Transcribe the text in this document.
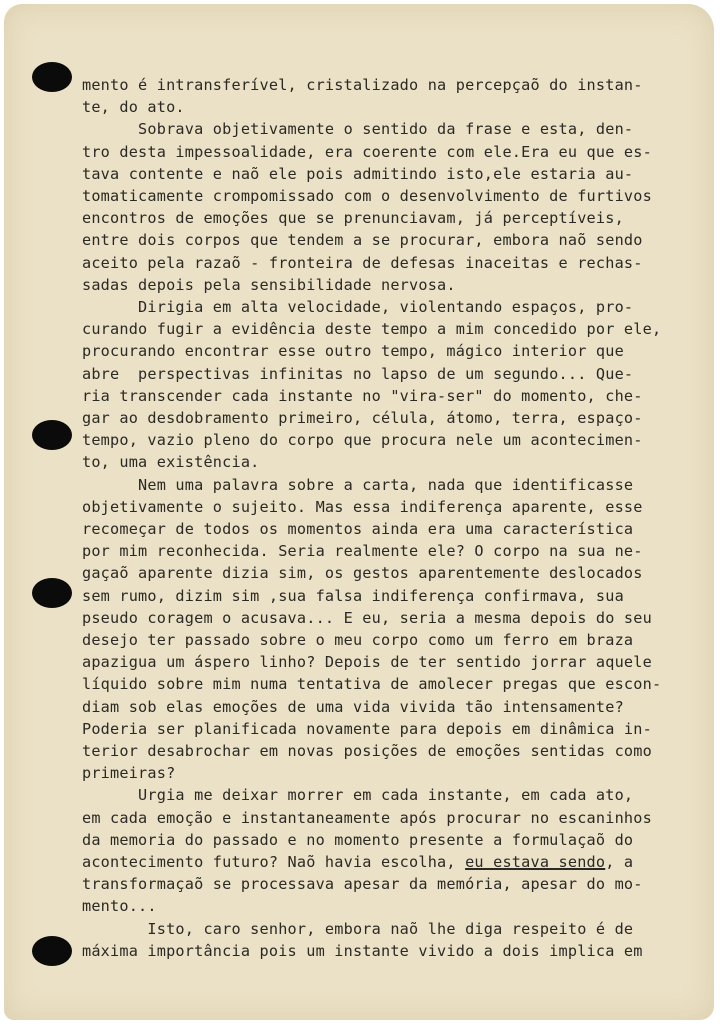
mento é intransferível, cristalizado na percepçaõ do instan-
te, do ato.
Sobrava objetivamente o sentido da frase e esta, den-
tro desta impessoalidade, era coerente com ele.Era eu que es-
tava contente e naõ ele pois admitindo isto,ele estaria au-
tomaticamente crompomissado com o desenvolvimento de furtivos
encontros de emoções que se prenunciavam, já perceptíveis,
entre dois corpos que tendem a se procurar, embora naõ sendo
aceito pela razaõ - fronteira de defesas inaceitas e rechas-
sadas depois pela sensibilidade nervosa.
Dirigia em alta velocidade, violentando espaços, pro-
curando fugir a evidência deste tempo a mim concedido por ele,
procurando encontrar esse outro tempo, mágico interior que
abre  perspectivas infinitas no lapso de um segundo... Que-
ria transcender cada instante no "vira-ser" do momento, che-
gar ao desdobramento primeiro, célula, átomo, terra, espaço-
tempo, vazio pleno do corpo que procura nele um acontecimen-
to, uma existência.
Nem uma palavra sobre a carta, nada que identificasse
objetivamente o sujeito. Mas essa indiferença aparente, esse
recomeçar de todos os momentos ainda era uma característica
por mim reconhecida. Seria realmente ele? O corpo na sua ne-
gaçaõ aparente dizia sim, os gestos aparentemente deslocados
sem rumo, dizim sim ,sua falsa indiferença confirmava, sua
pseudo coragem o acusava... E eu, seria a mesma depois do seu
desejo ter passado sobre o meu corpo como um ferro em braza
apazigua um áspero linho? Depois de ter sentido jorrar aquele
líquido sobre mim numa tentativa de amolecer pregas que escon-
diam sob elas emoções de uma vida vivida tão intensamente?
Poderia ser planificada novamente para depois em dinâmica in-
terior desabrochar em novas posições de emoções sentidas como
primeiras?
Urgia me deixar morrer em cada instante, em cada ato,
em cada emoção e instantaneamente após procurar no escaninhos
da memoria do passado e no momento presente a formulaçaõ do
acontecimento futuro? Naõ havia escolha, eu estava sendo, a
transformaçaõ se processava apesar da memória, apesar do mo-
mento...
Isto, caro senhor, embora naõ lhe diga respeito é de
máxima importância pois um instante vivido a dois implica em
